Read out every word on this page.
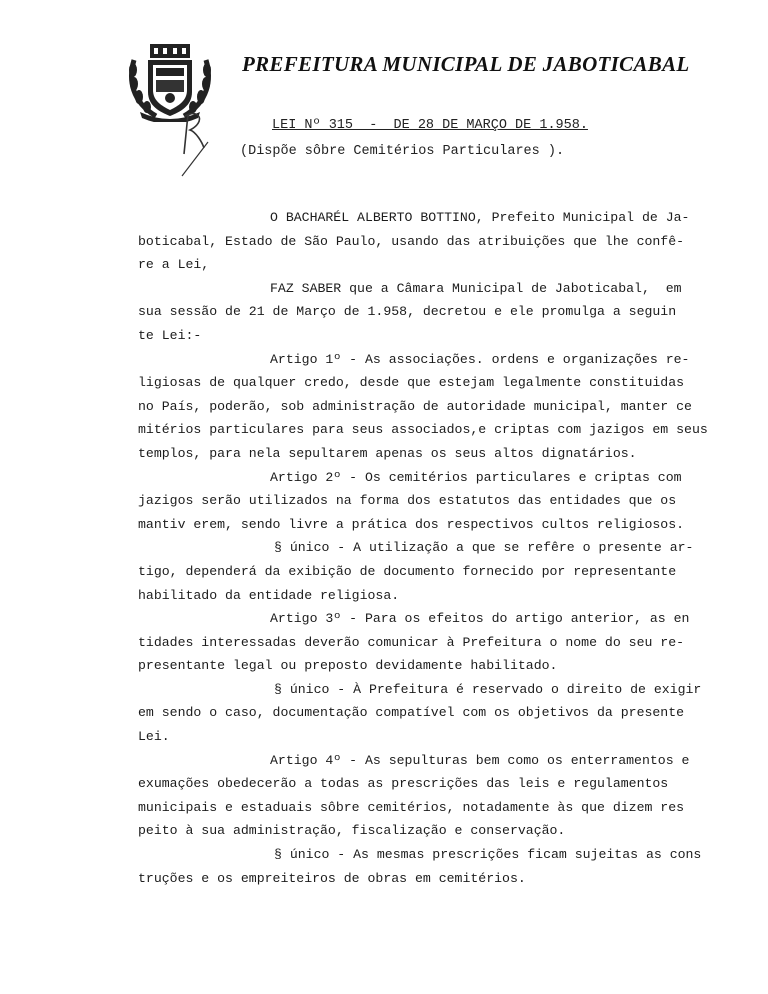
PREFEITURA MUNICIPAL DE JABOTICABAL
LEI Nº 315  -  DE 28 DE MARÇO DE 1.958.
(Dispõe sôbre Cemitérios Particulares ).
O BACHARÉL ALBERTO BOTTINO, Prefeito Municipal de Ja-
boticabal, Estado de São Paulo, usando das atribuições que lhe confê-
re a Lei,
FAZ SABER que a Câmara Municipal de Jaboticabal,  em
sua sessão de 21 de Março de 1.958, decretou e ele promulga a seguin
te Lei:-
Artigo 1º - As associações. ordens e organizações re-
ligiosas de qualquer credo, desde que estejam legalmente constituidas
no País, poderão, sob administração de autoridade municipal, manter ce
mitérios particulares para seus associados,e criptas com jazigos em seus
templos, para nela sepultarem apenas os seus altos dignatários.
Artigo 2º - Os cemitérios particulares e criptas com
jazigos serão utilizados na forma dos estatutos das entidades que os
mantiv erem, sendo livre a prática dos respectivos cultos religiosos.
§ único - A utilização a que se refêre o presente ar-
tigo, dependerá da exibição de documento fornecido por representante
habilitado da entidade religiosa.
Artigo 3º - Para os efeitos do artigo anterior, as en
tidades interessadas deverão comunicar à Prefeitura o nome do seu re-
presentante legal ou preposto devidamente habilitado.
§ único - À Prefeitura é reservado o direito de exigir
em sendo o caso, documentação compatível com os objetivos da presente
Lei.
Artigo 4º - As sepulturas bem como os enterramentos e
exumações obedecerão a todas as prescrições das leis e regulamentos
municipais e estaduais sôbre cemitérios, notadamente às que dizem res
peito à sua administração, fiscalização e conservação.
§ único - As mesmas prescrições ficam sujeitas as cons
truções e os empreiteiros de obras em cemitérios.
